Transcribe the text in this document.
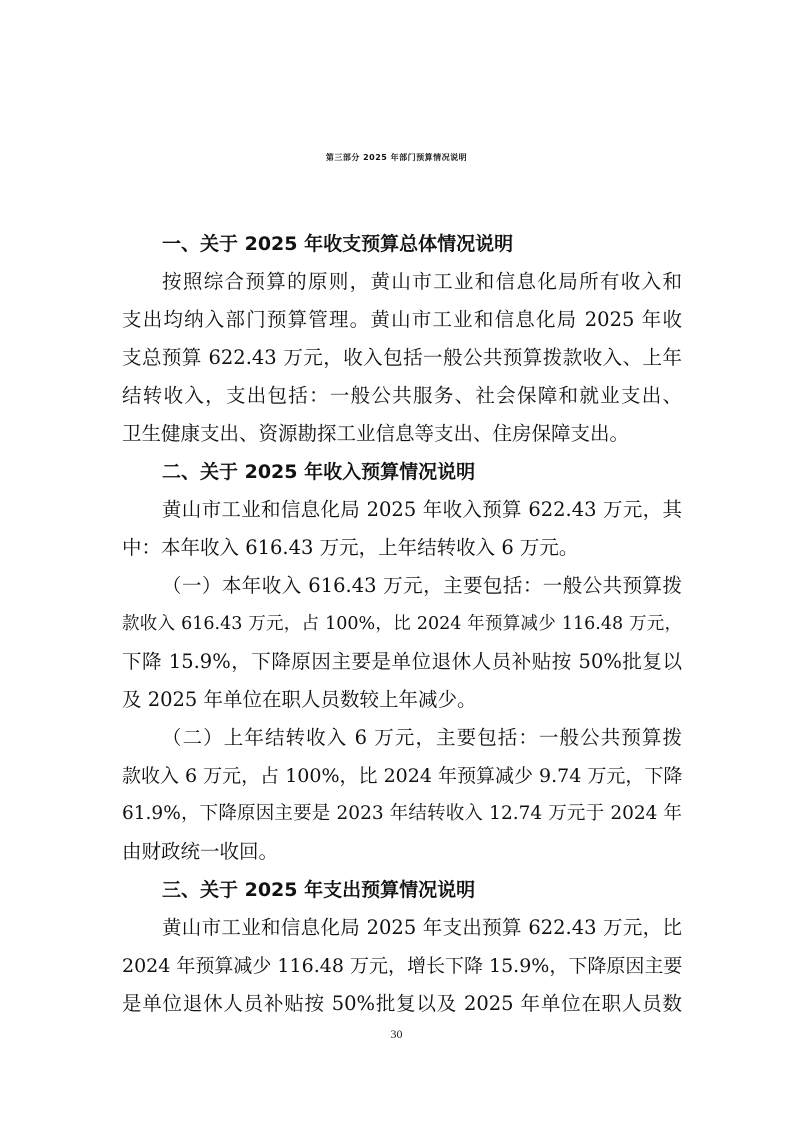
第三部分 2025 年部门预算情况说明
一、关于 2025 年收支预算总体情况说明
按照综合预算的原则，黄山市工业和信息化局所有收入和
支出均纳入部门预算管理。黄山市工业和信息化局 2025 年收
支总预算 622.43 万元，收入包括一般公共预算拨款收入、上年
结转收入，支出包括：一般公共服务、社会保障和就业支出、
卫生健康支出、资源勘探工业信息等支出、住房保障支出。
二、关于 2025 年收入预算情况说明
黄山市工业和信息化局 2025 年收入预算 622.43 万元，其
中：本年收入 616.43 万元，上年结转收入 6 万元。
（一）本年收入 616.43 万元，主要包括：一般公共预算拨
款收入 616.43 万元，占 100%，比 2024 年预算减少 116.48 万元，
下降 15.9%，下降原因主要是单位退休人员补贴按 50%批复以
及 2025 年单位在职人员数较上年减少。
（二）上年结转收入 6 万元，主要包括：一般公共预算拨
款收入 6 万元，占 100%，比 2024 年预算减少 9.74 万元，下降
61.9%，下降原因主要是 2023 年结转收入 12.74 万元于 2024 年
由财政统一收回。
三、关于 2025 年支出预算情况说明
黄山市工业和信息化局 2025 年支出预算 622.43 万元，比
2024 年预算减少 116.48 万元，增长下降 15.9%，下降原因主要
是单位退休人员补贴按 50%批复以及 2025 年单位在职人员数
30
